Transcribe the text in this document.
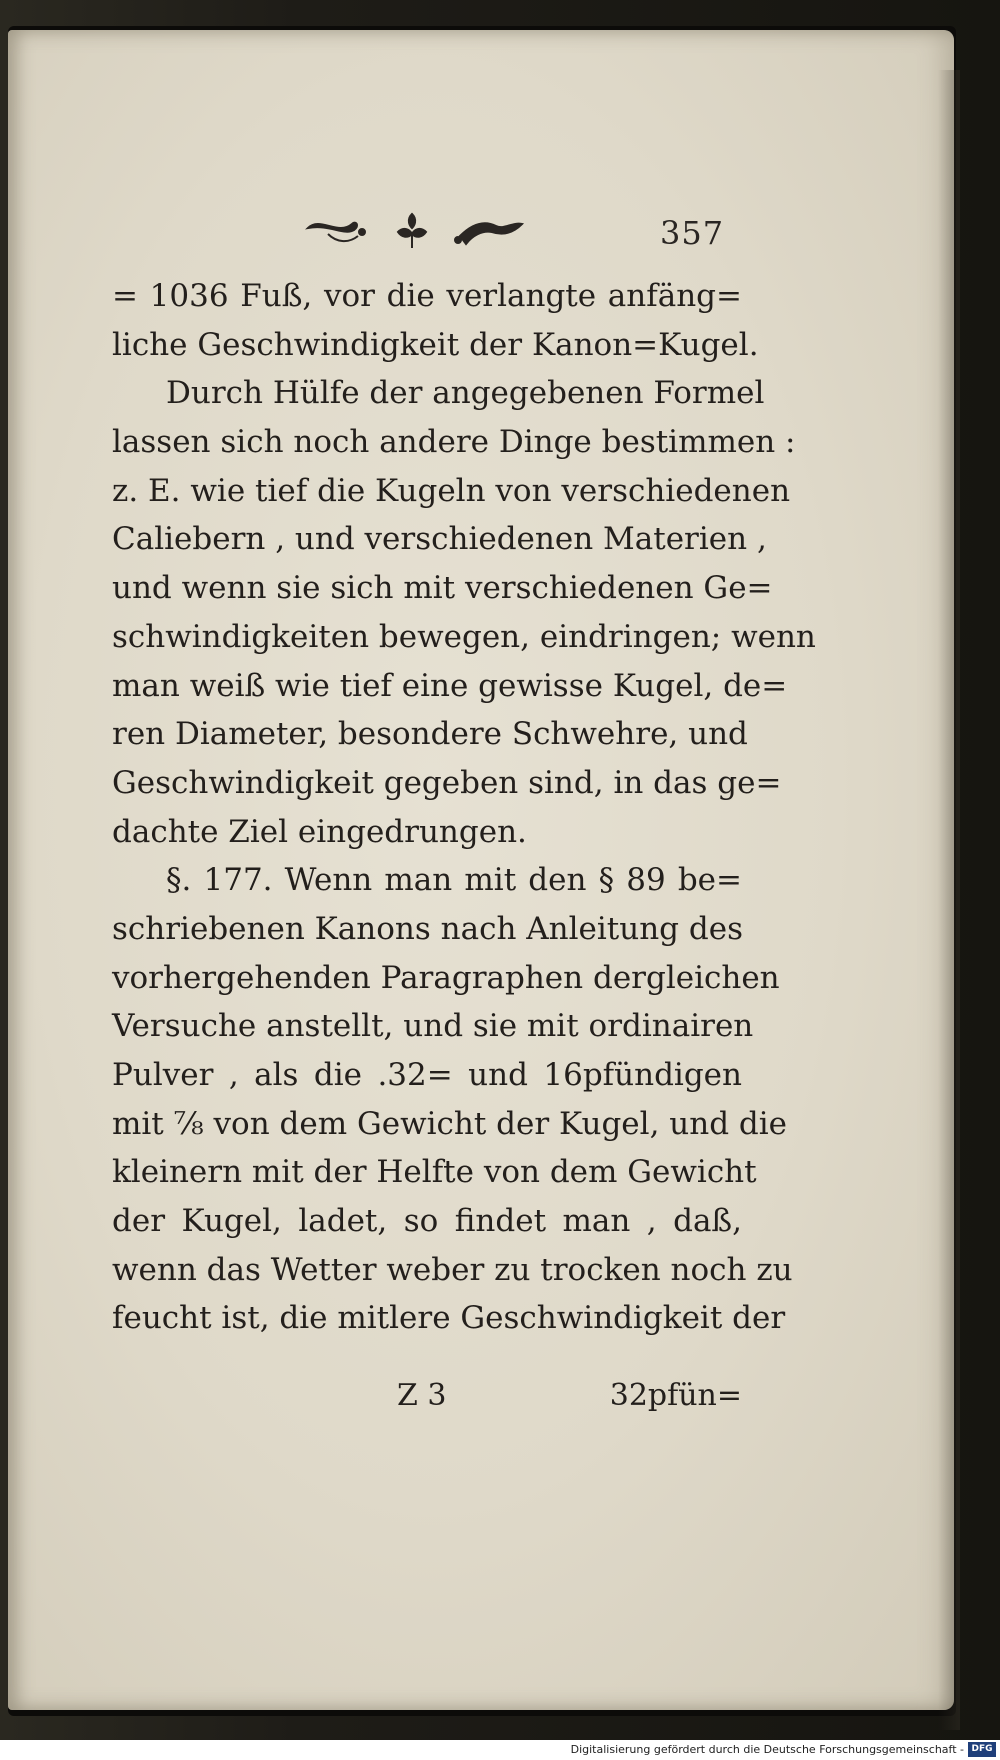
357
= 1036 Fuß, vor die verlangte anfäng=
liche Geschwindigkeit der Kanon=Kugel.
Durch Hülfe der angegebenen Formel
lassen sich noch andere Dinge bestimmen :
z. E. wie tief die Kugeln von verschiedenen
Caliebern , und verschiedenen Materien ,
und wenn sie sich mit verschiedenen Ge=
schwindigkeiten bewegen, eindringen; wenn
man weiß wie tief eine gewisse Kugel, de=
ren Diameter, besondere Schwehre, und
Geschwindigkeit gegeben sind, in das ge=
dachte Ziel eingedrungen.
§. 177. Wenn man mit den § 89 be=
schriebenen Kanons nach Anleitung des
vorhergehenden Paragraphen dergleichen
Versuche anstellt, und sie mit ordinairen
Pulver , als die .32= und 16pfündigen
mit ⅞ von dem Gewicht der Kugel, und die
kleinern mit der Helfte von dem Gewicht
der Kugel, ladet, so findet man , daß,
wenn das Wetter weber zu trocken noch zu
feucht ist, die mitlere Geschwindigkeit der
Z 3	32pfün=
Digitalisierung gefördert durch die Deutsche Forschungsgemeinschaft - DFG
